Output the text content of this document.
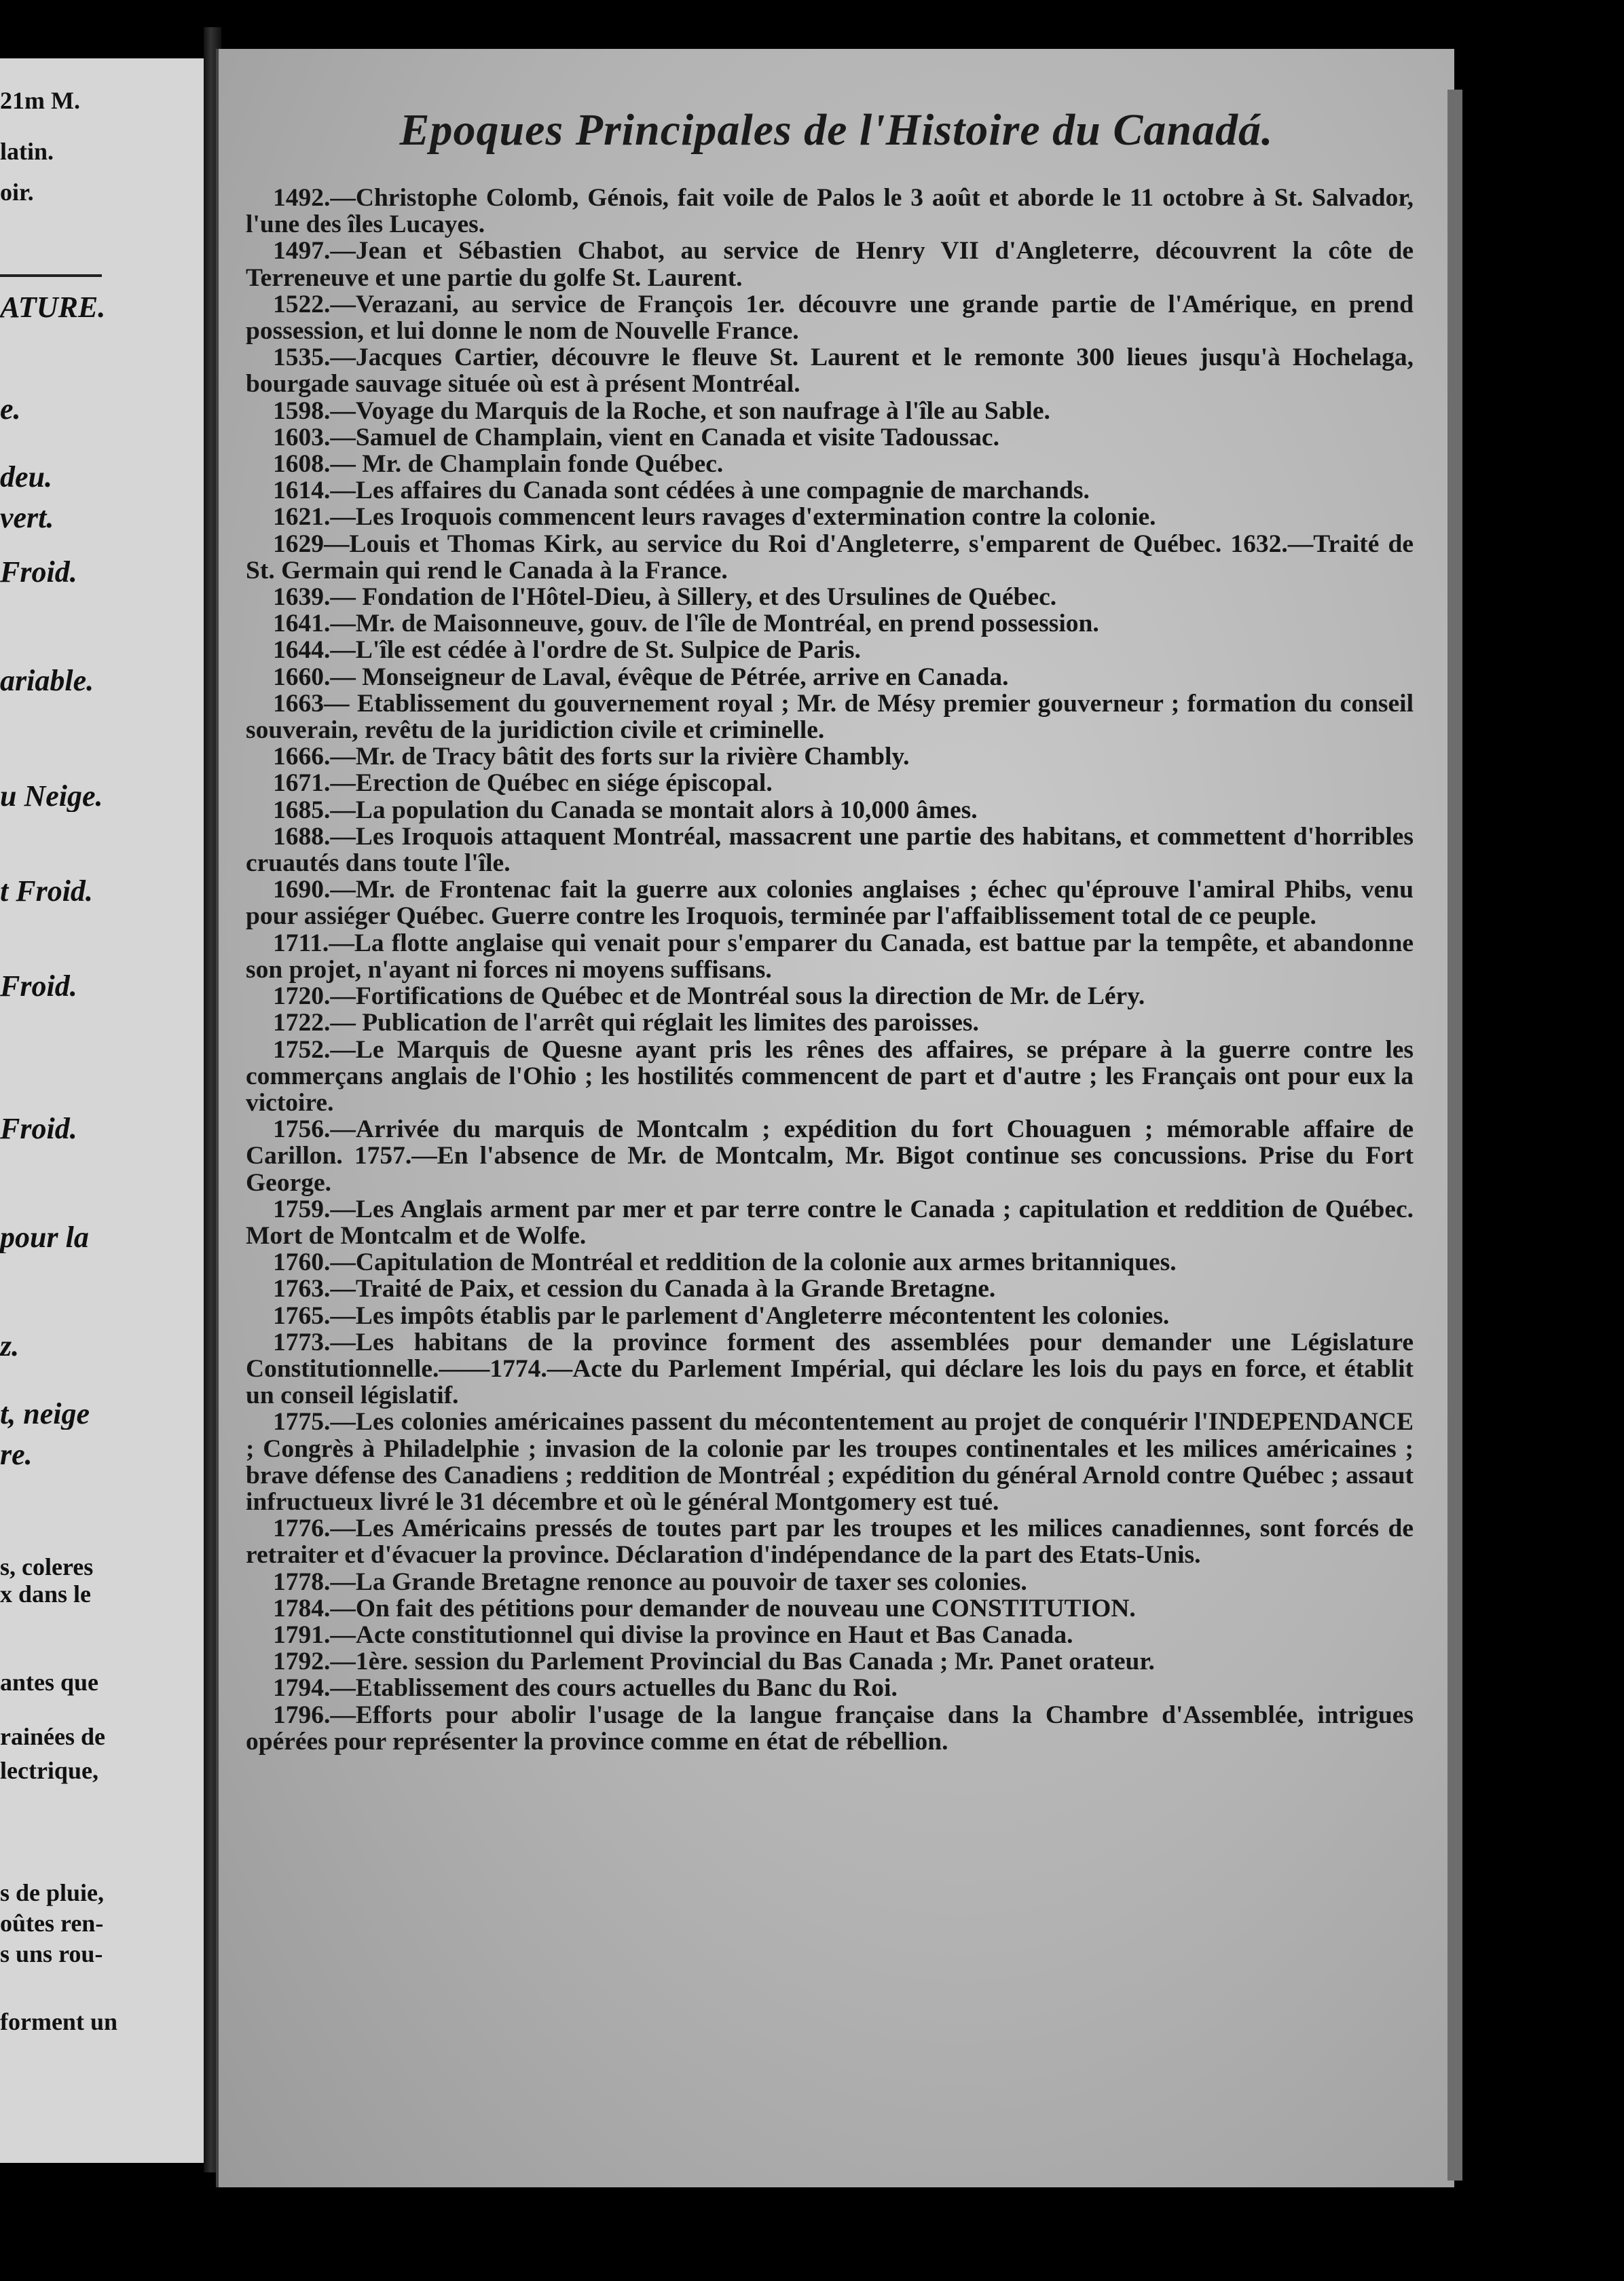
21m M.
latin.
oir.
ATURE.
e.
deu.
vert.
Froid.
ariable.
u Neige.
t Froid.
Froid.
Froid.
pour la
z.
t, neige
re.
s, coleres
x dans le
antes que
rainées de
lectrique,
s de pluie,
oûtes ren-
s uns rou-
forment un
Epoques Principales de l'Histoire du Canadá.

1492.—Christophe Colomb, Génois, fait voile de Palos le 3 août et aborde le 11 octobre à St. Salvador, l'une des îles Lucayes.

1497.—Jean et Sébastien Chabot, au service de Henry VII d'Angleterre, découvrent la côte de Terreneuve et une partie du golfe St. Laurent.

1522.—Verazani, au service de François 1er. découvre une grande partie de l'Amérique, en prend possession, et lui donne le nom de Nouvelle France.

1535.—Jacques Cartier, découvre le fleuve St. Laurent et le remonte 300 lieues jusqu'à Hochelaga, bourgade sauvage située où est à présent Montréal.

1598.—Voyage du Marquis de la Roche, et son naufrage à l'île au Sable.

1603.—Samuel de Champlain, vient en Canada et visite Tadoussac.

1608.— Mr. de Champlain fonde Québec.

1614.—Les affaires du Canada sont cédées à une compagnie de marchands.

1621.—Les Iroquois commencent leurs ravages d'extermination contre la colonie.

1629—Louis et Thomas Kirk, au service du Roi d'Angleterre, s'emparent de Québec. 1632.—Traité de St. Germain qui rend le Canada à la France.

1639.— Fondation de l'Hôtel-Dieu, à Sillery, et des Ursulines de Québec.

1641.—Mr. de Maisonneuve, gouv. de l'île de Montréal, en prend possession.

1644.—L'île est cédée à l'ordre de St. Sulpice de Paris.

1660.— Monseigneur de Laval, évêque de Pétrée, arrive en Canada.

1663— Etablissement du gouvernement royal ; Mr. de Mésy premier gouverneur ; formation du conseil souverain, revêtu de la juridiction civile et criminelle.

1666.—Mr. de Tracy bâtit des forts sur la rivière Chambly.

1671.—Erection de Québec en siége épiscopal.

1685.—La population du Canada se montait alors à 10,000 âmes.

1688.—Les Iroquois attaquent Montréal, massacrent une partie des habitans, et commettent d'horribles cruautés dans toute l'île.

1690.—Mr. de Frontenac fait la guerre aux colonies anglaises ; échec qu'éprouve l'amiral Phibs, venu pour assiéger Québec. Guerre contre les Iroquois, terminée par l'affaiblissement total de ce peuple.

1711.—La flotte anglaise qui venait pour s'emparer du Canada, est battue par la tempête, et abandonne son projet, n'ayant ni forces ni moyens suffisans.

1720.—Fortifications de Québec et de Montréal sous la direction de Mr. de Léry.

1722.— Publication de l'arrêt qui réglait les limites des paroisses.

1752.—Le Marquis de Quesne ayant pris les rênes des affaires, se prépare à la guerre contre les commerçans anglais de l'Ohio ; les hostilités commencent de part et d'autre ; les Français ont pour eux la victoire.

1756.—Arrivée du marquis de Montcalm ; expédition du fort Chouaguen ; mémorable affaire de Carillon. 1757.—En l'absence de Mr. de Montcalm, Mr. Bigot continue ses concussions. Prise du Fort George.

1759.—Les Anglais arment par mer et par terre contre le Canada ; capitulation et reddition de Québec. Mort de Montcalm et de Wolfe.

1760.—Capitulation de Montréal et reddition de la colonie aux armes britanniques.

1763.—Traité de Paix, et cession du Canada à la Grande Bretagne.

1765.—Les impôts établis par le parlement d'Angleterre mécontentent les colonies.

1773.—Les habitans de la province forment des assemblées pour demander une Législature Constitutionnelle.——1774.—Acte du Parlement Impérial, qui déclare les lois du pays en force, et établit un conseil législatif.

1775.—Les colonies américaines passent du mécontentement au projet de conquérir l'INDEPENDANCE ; Congrès à Philadelphie ; invasion de la colonie par les troupes continentales et les milices américaines ; brave défense des Canadiens ; reddition de Montréal ; expédition du général Arnold contre Québec ; assaut infructueux livré le 31 décembre et où le général Montgomery est tué.

1776.—Les Américains pressés de toutes part par les troupes et les milices canadiennes, sont forcés de retraiter et d'évacuer la province. Déclaration d'indépendance de la part des Etats-Unis.

1778.—La Grande Bretagne renonce au pouvoir de taxer ses colonies.

1784.—On fait des pétitions pour demander de nouveau une CONSTITUTION.

1791.—Acte constitutionnel qui divise la province en Haut et Bas Canada.

1792.—1ère. session du Parlement Provincial du Bas Canada ; Mr. Panet orateur.

1794.—Etablissement des cours actuelles du Banc du Roi.

1796.—Efforts pour abolir l'usage de la langue française dans la Chambre d'Assemblée, intrigues opérées pour représenter la province comme en état de rébellion.
